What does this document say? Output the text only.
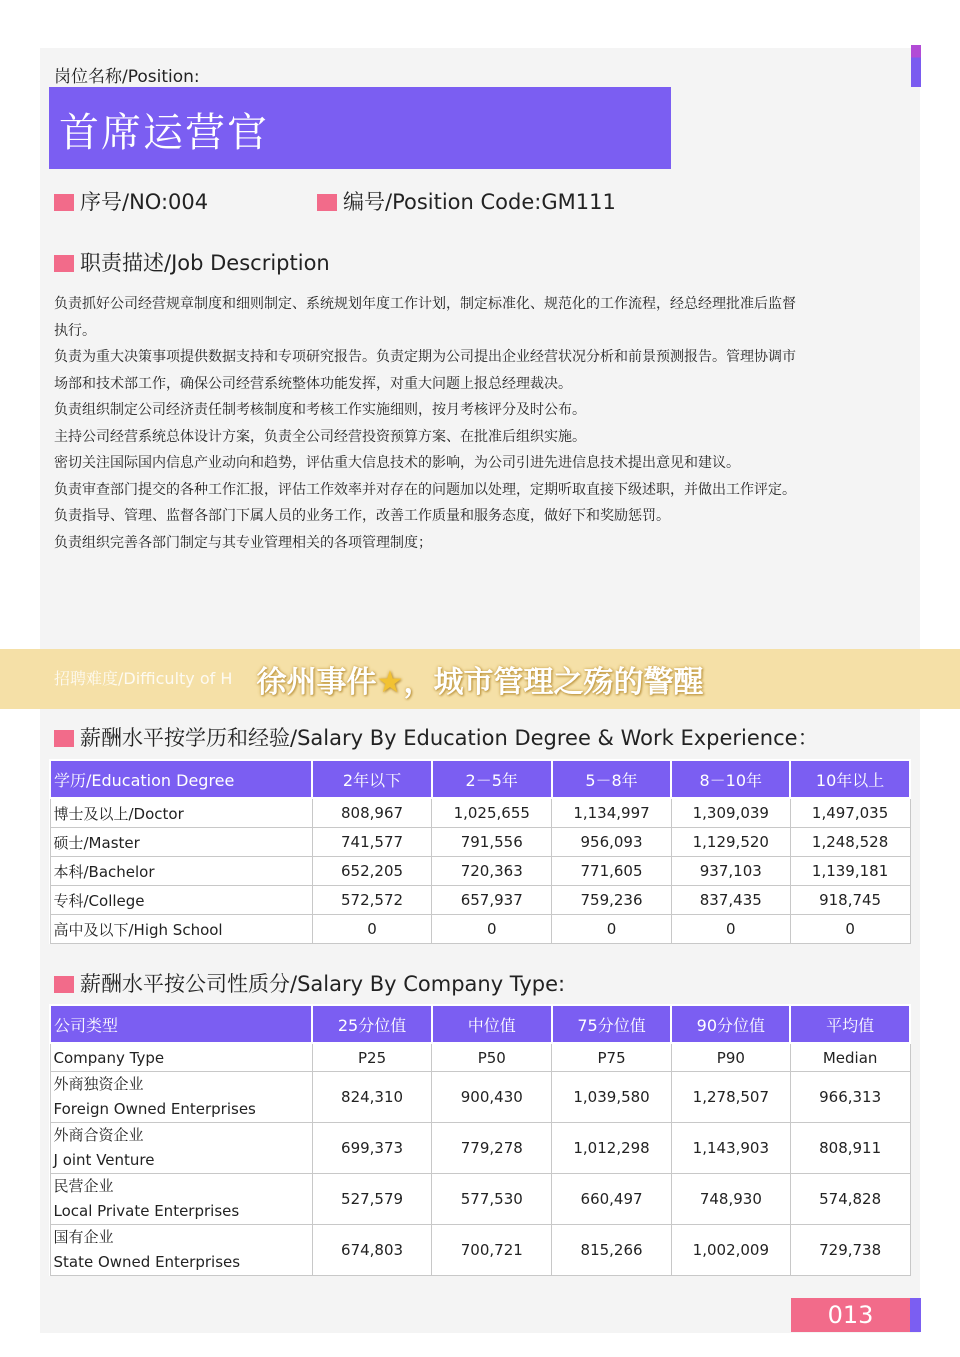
岗位名称/Position:
首席运营官
序号/NO:004	编号/Position Code:GM111
职责描述/Job Description

负责抓好公司经营规章制度和细则制定、系统规划年度工作计划，制定标准化、规范化的工作流程，经总经理批准后监督

执行。

负责为重大决策事项提供数据支持和专项研究报告。负责定期为公司提出企业经营状况分析和前景预测报告。管理协调市

场部和技术部工作，确保公司经营系统整体功能发挥，对重大问题上报总经理裁决。

负责组织制定公司经济责任制考核制度和考核工作实施细则，按月考核评分及时公布。

主持公司经营系统总体设计方案，负责全公司经营投资预算方案、在批准后组织实施。

密切关注国际国内信息产业动向和趋势，评估重大信息技术的影响，为公司引进先进信息技术提出意见和建议。

负责审查部门提交的各种工作汇报，评估工作效率并对存在的问题加以处理，定期听取直接下级述职，并做出工作评定。

负责指导、管理、监督各部门下属人员的业务工作，改善工作质量和服务态度，做好下和奖励惩罚。

负责组织完善各部门制定与其专业管理相关的各项管理制度；

招聘难度/Difficulty of H 徐州事件★，城市管理之殇的警醒
薪酬水平按学历和经验/Salary By Education Degree & Work Experience：
学历/Education Degree	2年以下	2－5年	5－8年	8－10年	10年以上
博士及以上/Doctor	808,967	1,025,655	1,134,997	1,309,039	1,497,035
硕士/Master	741,577	791,556	956,093	1,129,520	1,248,528
本科/Bachelor	652,205	720,363	771,605	937,103	1,139,181
专科/College	572,572	657,937	759,236	837,435	918,745
高中及以下/High School	0	0	0	0	0
薪酬水平按公司性质分/Salary By Company Type:
公司类型	25分位值	中位值	75分位值	90分位值	平均值
Company Type	P25	P50	P75	P90	Median

外商独资企业
Foreign Owned Enterprises	824,310	900,430	1,039,580	1,278,507	966,313

外商合资企业
J oint Venture	699,373	779,278	1,012,298	1,143,903	808,911

民营企业
Local Private Enterprises	527,579	577,530	660,497	748,930	574,828

国有企业
State Owned Enterprises	674,803	700,721	815,266	1,002,009	729,738
013
